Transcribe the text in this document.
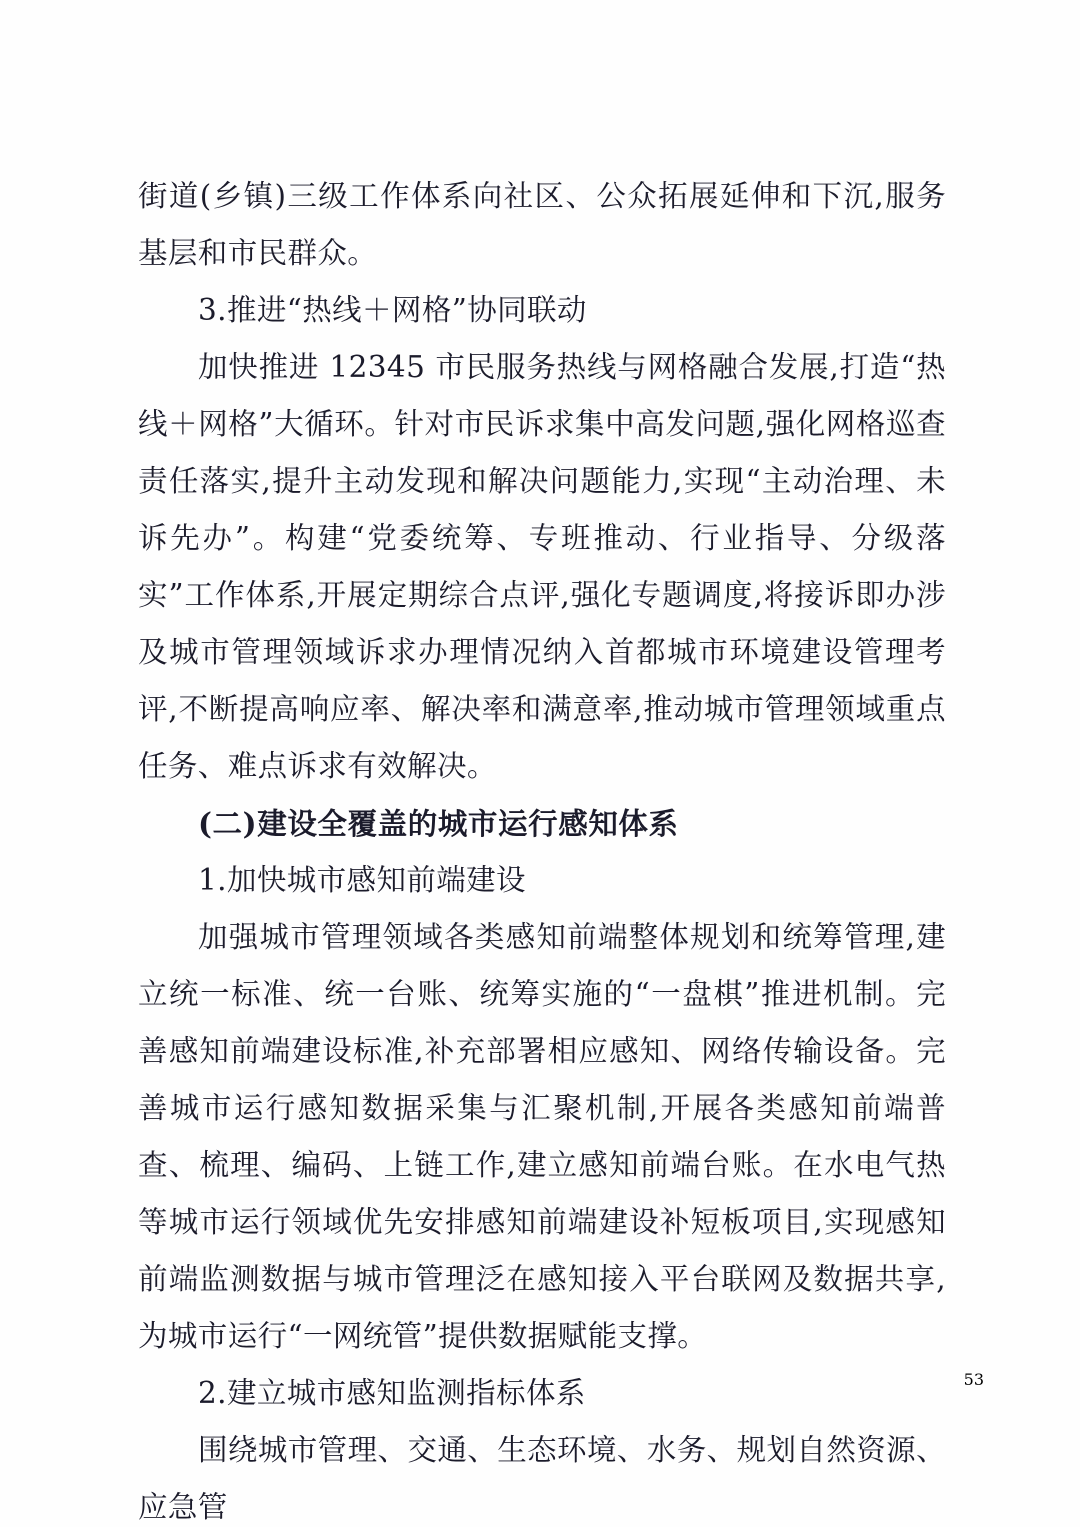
街道(乡镇)三级工作体系向社区、公众拓展延伸和下沉,服务基层和市民群众。

3.推进“热线＋网格”协同联动

加快推进 12345 市民服务热线与网格融合发展,打造“热线＋网格”大循环。针对市民诉求集中高发问题,强化网格巡查责任落实,提升主动发现和解决问题能力,实现“主动治理、未诉先办”。构建“党委统筹、专班推动、行业指导、分级落实”工作体系,开展定期综合点评,强化专题调度,将接诉即办涉及城市管理领域诉求办理情况纳入首都城市环境建设管理考评,不断提高响应率、解决率和满意率,推动城市管理领域重点任务、难点诉求有效解决。

(二)建设全覆盖的城市运行感知体系

1.加快城市感知前端建设

加强城市管理领域各类感知前端整体规划和统筹管理,建立统一标准、统一台账、统筹实施的“一盘棋”推进机制。完善感知前端建设标准,补充部署相应感知、网络传输设备。完善城市运行感知数据采集与汇聚机制,开展各类感知前端普查、梳理、编码、上链工作,建立感知前端台账。在水电气热等城市运行领域优先安排感知前端建设补短板项目,实现感知前端监测数据与城市管理泛在感知接入平台联网及数据共享,为城市运行“一网统管”提供数据赋能支撑。

2.建立城市感知监测指标体系

围绕城市管理、交通、生态环境、水务、规划自然资源、应急管

53
